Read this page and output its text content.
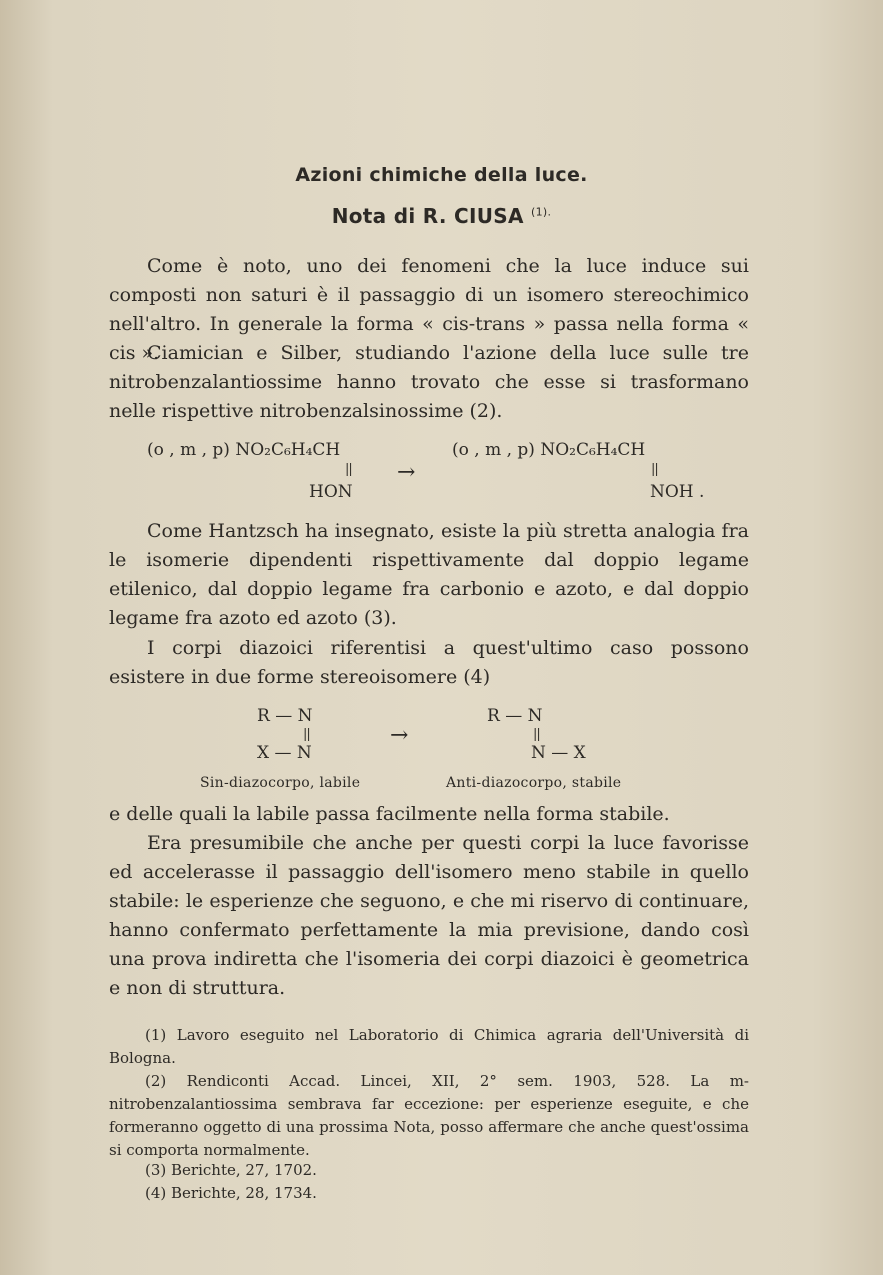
Azioni chimiche della luce.
Nota di R. CIUSA $^{(1).}$
Come è noto, uno dei fenomeni che la luce induce sui composti non saturi è il passaggio di un isomero stereochimico nell'altro. In generale la forma « cis-trans » passa nella forma « cis ».
Ciamician e Silber, studiando l'azione della luce sulle tre nitrobenzalantiossime hanno trovato che esse si trasformano nelle rispettive nitrobenzalsinossime (2).
(o , m , p) NO₂C₆H₄CH
||
HON
→
(o , m , p) NO₂C₆H₄CH
||
NOH .
Come Hantzsch ha insegnato, esiste la più stretta analogia fra le isomerie dipendenti rispettivamente dal doppio legame etilenico, dal doppio legame fra carbonio e azoto, e dal doppio legame fra azoto ed azoto (3).
I corpi diazoici riferentisi a quest'ultimo caso possono esistere in due forme stereoisomere (4)
R — N
||
X — N
→
R — N
||
N — X
Sin-diazocorpo, labile	Anti-diazocorpo, stabile
e delle quali la labile passa facilmente nella forma stabile.
Era presumibile che anche per questi corpi la luce favorisse ed accelerasse il passaggio dell'isomero meno stabile in quello stabile: le esperienze che seguono, e che mi riservo di continuare, hanno confermato perfettamente la mia previsione, dando così una prova indiretta che l'isomeria dei corpi diazoici è geometrica e non di struttura.
(1) Lavoro eseguito nel Laboratorio di Chimica agraria dell'Università di Bologna.
(2) Rendiconti Accad. Lincei, XII, 2° sem. 1903, 528. La m-nitrobenzalantiossima sembrava far eccezione: per esperienze eseguite, e che formeranno oggetto di una prossima Nota, posso affermare che anche quest'ossima si comporta normalmente.
(3) Berichte, 27, 1702.
(4) Berichte, 28, 1734.
